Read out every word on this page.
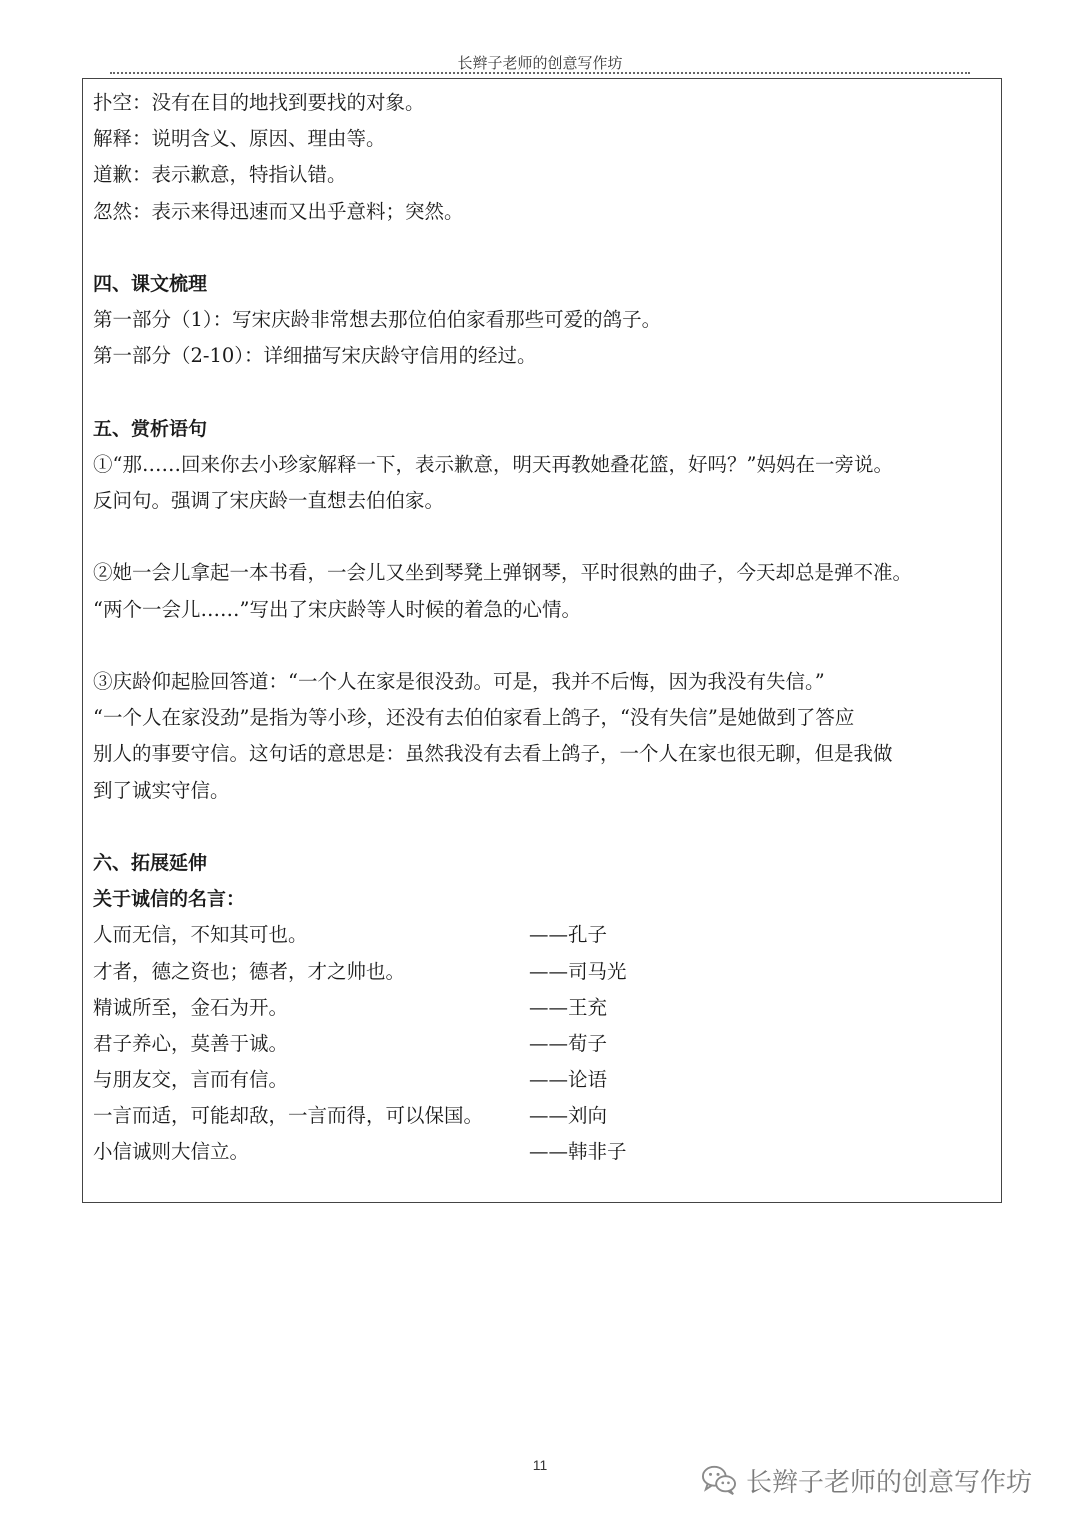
长辫子老师的创意写作坊
扑空：没有在目的地找到要找的对象。
解释：说明含义、原因、理由等。
道歉：表示歉意，特指认错。
忽然：表示来得迅速而又出乎意料；突然。
四、课文梳理
第一部分（1）：写宋庆龄非常想去那位伯伯家看那些可爱的鸽子。
第一部分（2-10）：详细描写宋庆龄守信用的经过。
五、赏析语句
①“那……回来你去小珍家解释一下，表示歉意，明天再教她叠花篮，好吗？”妈妈在一旁说。
反问句。强调了宋庆龄一直想去伯伯家。
②她一会儿拿起一本书看，一会儿又坐到琴凳上弹钢琴，平时很熟的曲子，今天却总是弹不准。
“两个一会儿……”写出了宋庆龄等人时候的着急的心情。
③庆龄仰起脸回答道：“一个人在家是很没劲。可是，我并不后悔，因为我没有失信。”
“一个人在家没劲”是指为等小珍，还没有去伯伯家看上鸽子，“没有失信”是她做到了答应
别人的事要守信。这句话的意思是：虽然我没有去看上鸽子，一个人在家也很无聊，但是我做
到了诚实守信。
六、拓展延伸
关于诚信的名言：
人而无信，不知其可也。	——孔子
才者，德之资也；德者，才之帅也。	——司马光
精诚所至，金石为开。	——王充
君子养心，莫善于诚。	——荀子
与朋友交，言而有信。	——论语
一言而适，可能却敌，一言而得，可以保国。 ——刘向
小信诚则大信立。	——韩非子
11
长辫子老师的创意写作坊
